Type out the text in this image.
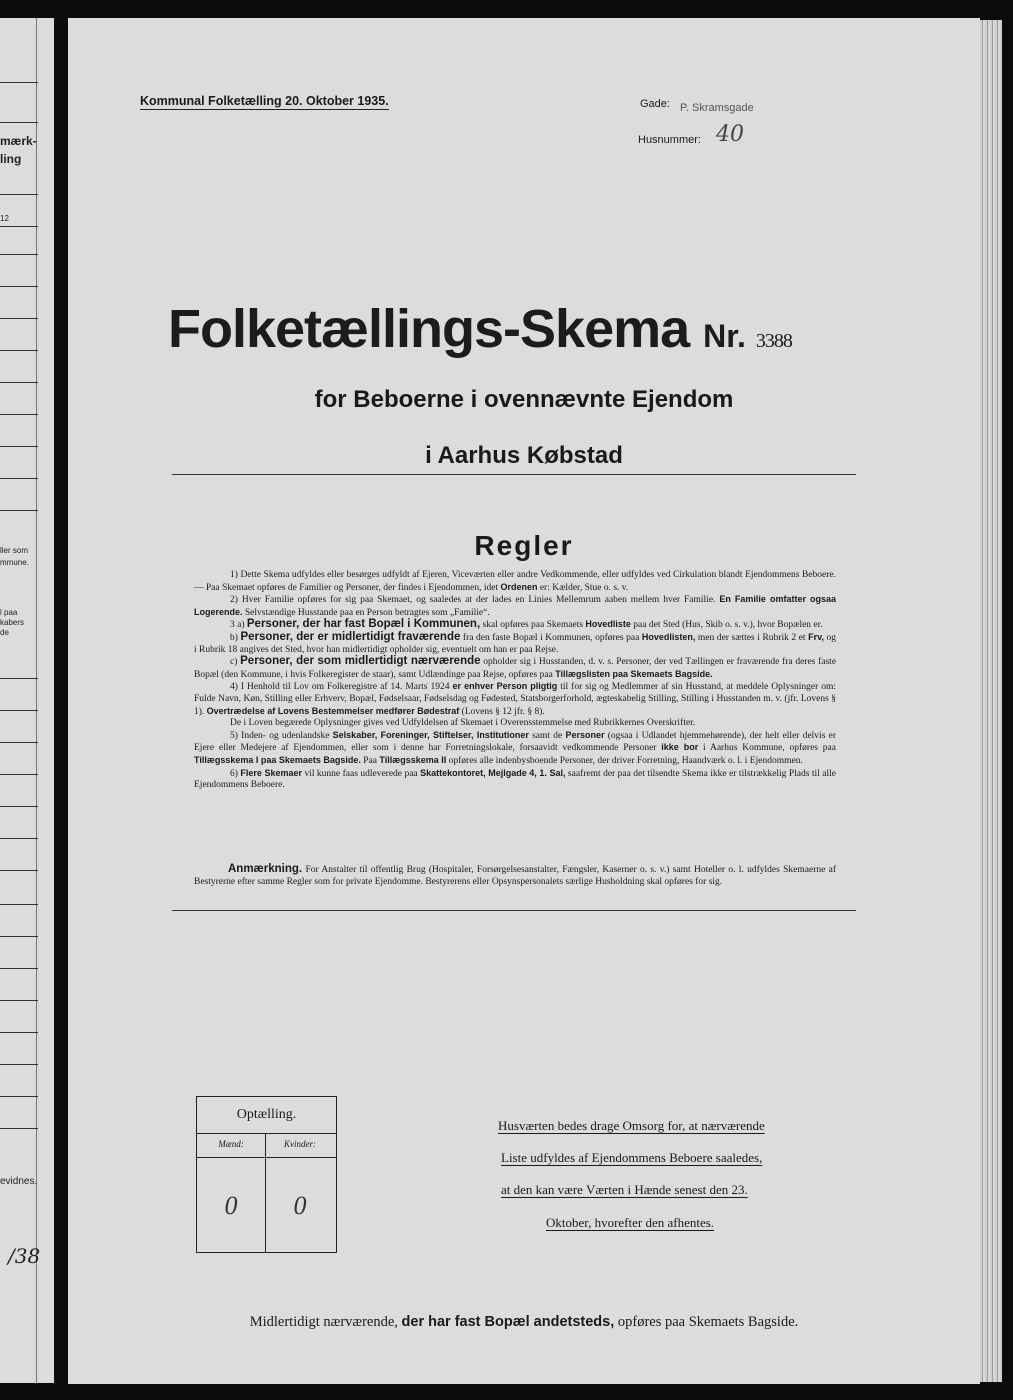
mærk-
ling
12
ller som
mmune.
l paa
kabers
de
evidnes.
/38
Kommunal Folketælling 20. Oktober 1935.	Gade: P. Skramsgade
Husnummer: 40
Folketællings-Skema Nr. 3388
for Beboerne i ovennævnte Ejendom
i Aarhus Købstad
Regler

1) Dette Skema udfyldes eller besørges udfyldt af Ejeren, Viceværten eller andre Vedkommende, eller udfyldes ved Cirkulation blandt Ejendommens Beboere. — Paa Skemaet opføres de Familier og Personer, der findes i Ejendommen, idet Ordenen er: Kælder, Stue o. s. v.

2) Hver Familie opføres for sig paa Skemaet, og saaledes at der lades en Linies Mellemrum aaben mellem hver Familie. En Familie omfatter ogsaa Logerende. Selvstændige Husstande paa en Person betragtes som „Familie“.

3 a) Personer, der har fast Bopæl i Kommunen, skal opføres paa Skemaets Hovedliste paa det Sted (Hus, Skib o. s. v.), hvor Bopælen er.

b) Personer, der er midlertidigt fraværende fra den faste Bopæl i Kommunen, opføres paa Hovedlisten, men der sættes i Rubrik 2 et Frv, og i Rubrik 18 angives det Sted, hvor han midlertidigt opholder sig, eventuelt om han er paa Rejse.

c) Personer, der som midlertidigt nærværende opholder sig i Husstanden, d. v. s. Personer, der ved Tællingen er fraværende fra deres faste Bopæl (den Kommune, i hvis Folkeregister de staar), samt Udlændinge paa Rejse, opføres paa Tillægslisten paa Skemaets Bagside.

4) I Henhold til Lov om Folkeregistre af 14. Marts 1924 er enhver Person pligtig til for sig og Medlemmer af sin Husstand, at meddele Oplysninger om: Fulde Navn, Køn, Stilling eller Erhverv, Bopæl, Fødselsaar, Fødselsdag og Fødested, Statsborgerforhold, ægteskabelig Stilling, Stilling i Husstanden m. v. (jfr. Lovens § 1). Overtrædelse af Lovens Bestemmelser medfører Bødestraf (Lovens § 12 jfr. § 8).

De i Loven begærede Oplysninger gives ved Udfyldelsen af Skemaet i Overensstemmelse med Rubrikkernes Overskrifter.

5) Inden- og udenlandske Selskaber, Foreninger, Stiftelser, Institutioner samt de Personer (ogsaa i Udlandet hjemmehørende), der helt eller delvis er Ejere eller Medejere af Ejendommen, eller som i denne har Forretningslokale, forsaavidt vedkommende Personer ikke bor i Aarhus Kommune, opføres paa Tillægsskema I paa Skemaets Bagside. Paa Tillægsskema II opføres alle indenbysboende Personer, der driver Forretning, Haandværk o. l. i Ejendommen.

6) Flere Skemaer vil kunne faas udleverede paa Skattekontoret, Mejlgade 4, 1. Sal, saafremt der paa det tilsendte Skema ikke er tilstrækkelig Plads til alle Ejendommens Beboere.

Anmærkning. For Anstalter til offentlig Brug (Hospitaler, Forsørgelsesanstalter, Fængsler, Kaserner o. s. v.) samt Hoteller o. l. udfyldes Skemaerne af Bestyrerne efter samme Regler som for private Ejendomme. Bestyrerens eller Opsynspersonalets særlige Husholdning skal opføres for sig.

Optælling.
Mænd:	Kvinder:
0	0
Husværten bedes drage Omsorg for, at nærværende
Liste udfyldes af Ejendommens Beboere saaledes,
at den kan være Værten i Hænde senest den 23.
Oktober, hvorefter den afhentes.
Midlertidigt nærværende, der har fast Bopæl andetsteds, opføres paa Skemaets Bagside.
